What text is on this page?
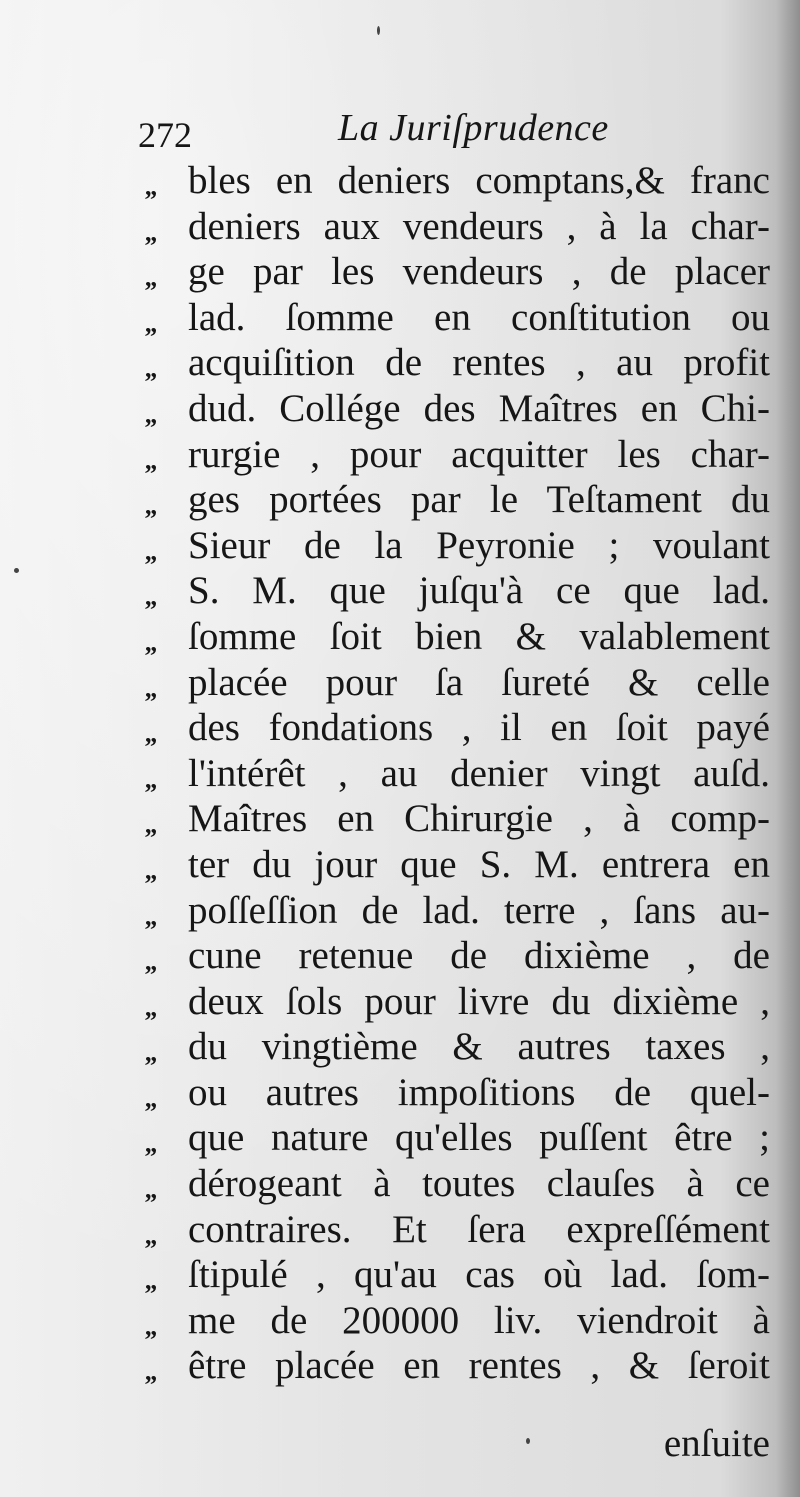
272	La Juriſprudence
,, bles en deniers comptans,& franc
,, deniers aux vendeurs , à la char-
,, ge par les vendeurs , de placer
,, lad. ſomme en conſtitution ou
,, acquiſition de rentes , au profit
,, dud. Collége des Maîtres en Chi-
,, rurgie , pour acquitter les char-
,, ges portées par le Teſtament du
,, Sieur de la Peyronie ; voulant
,, S. M. que juſqu'à ce que lad.
,, ſomme ſoit bien & valablement
,, placée pour ſa ſureté & celle
,, des fondations , il en ſoit payé
,, l'intérêt , au denier vingt auſd.
,, Maîtres en Chirurgie , à comp-
,, ter du jour que S. M. entrera en
,, poſſeſſion de lad. terre , ſans au-
,, cune retenue de dixième , de
,, deux ſols pour livre du dixième ,
,, du vingtième & autres taxes ,
,, ou autres impoſitions de quel-
,, que nature qu'elles puſſent être ;
,, dérogeant à toutes clauſes à ce
,, contraires. Et ſera expreſſément
,, ſtipulé , qu'au cas où lad. ſom-
,, me de 200000 liv. viendroit à
,, être placée en rentes , & ſeroit
enſuite
